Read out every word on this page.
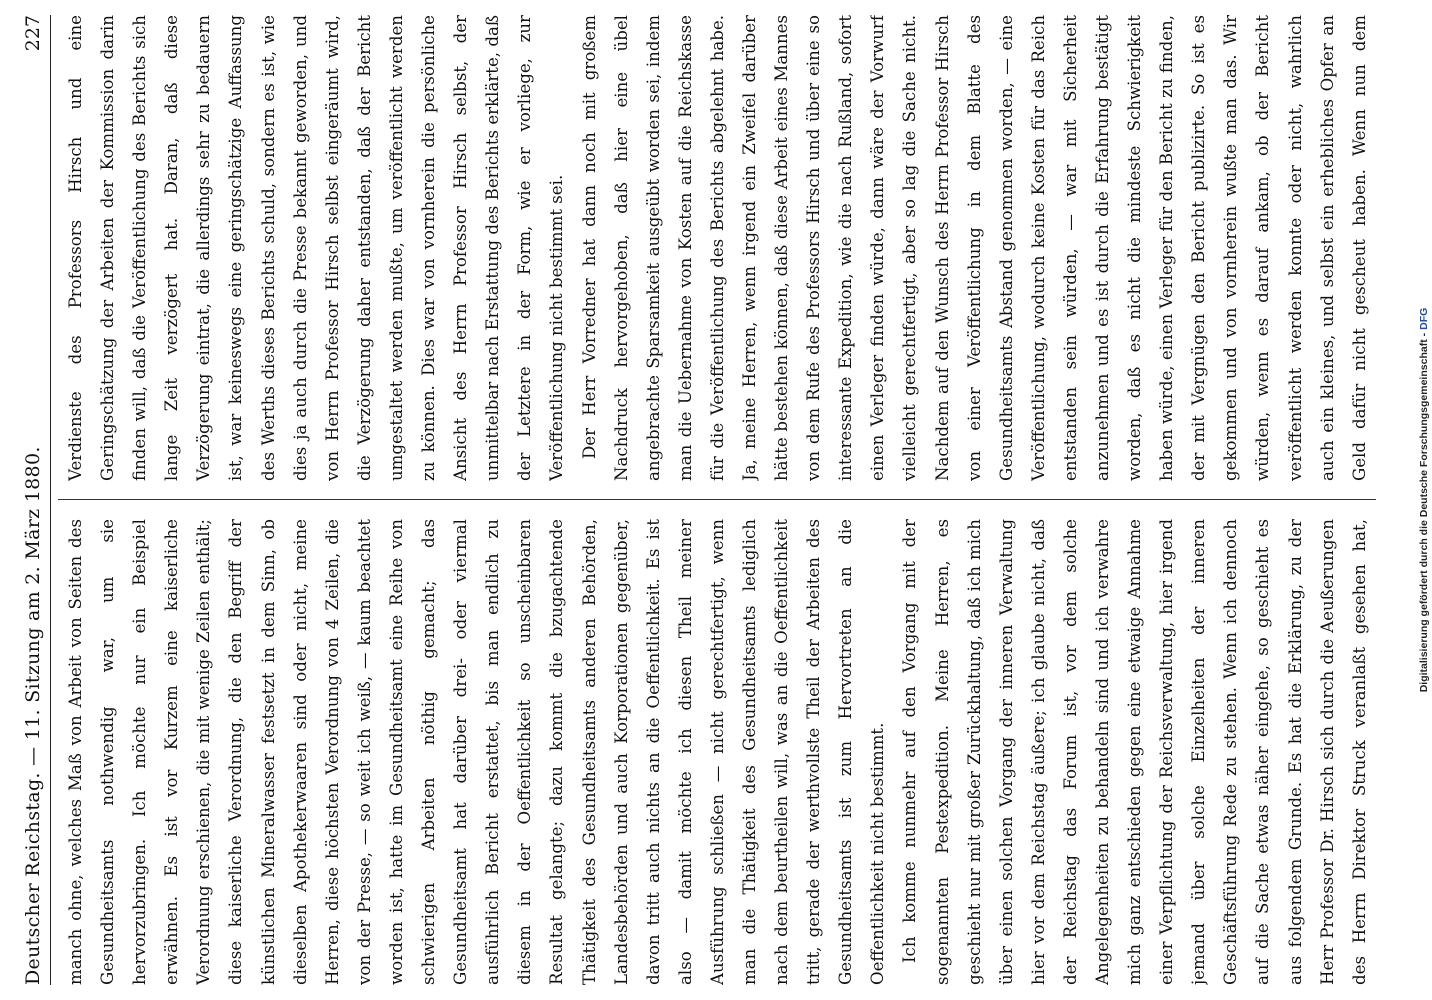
Deutscher Reichstag. — 11. Sitzung am 2. März 1880.
227

manch ohne, welches Maß von Arbeit von Seiten des Gesundheitsamts nothwendig war, um sie hervorzubringen. Ich möchte nur ein Beispiel erwähnen. Es ist vor Kurzem eine kaiserliche Verordnung erschienen, die mit wenige Zeilen enthält; diese kaiserliche Verordnung, die den Begriff der künstlichen Mineralwasser festsetzt in dem Sinn, ob dieselben Apothekerwaaren sind oder nicht, meine Herren, diese höchsten Verordnung von 4 Zeilen, die von der Presse, — so weit ich weiß, — kaum beachtet worden ist, hatte im Gesundheitsamt eine Reihe von schwierigen Arbeiten nöthig gemacht; das Gesundheitsamt hat darüber drei- oder viermal ausführlich Bericht erstattet, bis man endlich zu diesem in der Oeffentlichkeit so unscheinbaren Resultat gelangte; dazu kommt die bzugachtende Thätigkeit des Gesundheitsamts anderen Behörden, Landesbehörden und auch Korporationen gegenüber, davon tritt auch nichts an die Oeffentlichkeit. Es ist also — damit möchte ich diesen Theil meiner Ausführung schließen — nicht gerechtfertigt, wenn man die Thätigkeit des Gesundheitsamts lediglich nach dem beurtheilen will, was an die Oeffentlichkeit tritt, gerade der werthvollste Theil der Arbeiten des Gesundheitsamts ist zum Hervortreten an die Oeffentlichkeit nicht bestimmt. Ich komme nunmehr auf den Vorgang mit der sogenannten Pestexpedition. Meine Herren, es geschieht nur mit großer Zurückhaltung, daß ich mich über einen solchen Vorgang der inneren Verwaltung hier vor dem Reichstag äußere; ich glaube nicht, daß der Reichstag das Forum ist, vor dem solche Angelegenheiten zu behandeln sind und ich verwahre mich ganz entschieden gegen eine etwaige Annahme einer Verpflichtung der Reichsverwaltung, hier irgend jemand über solche Einzelheiten der inneren Geschäftsführung Rede zu stehen. Wenn ich dennoch auf die Sache etwas näher eingehe, so geschieht es aus folgendem Grunde. Es hat die Erklärung, zu der Herr Professor Dr. Hirsch sich durch die Aeußerungen des Herrn Direktor Struck veranlaßt gesehen hat,

Verdienste des Professors Hirsch und eine Geringschätzung der Arbeiten der Kommission darin finden will, daß die Veröffentlichung des Berichts sich lange Zeit verzögert hat. Daran, daß diese Verzögerung eintrat, die allerdings sehr zu bedauern ist, war keineswegs eine geringschätzige Auffassung des Werths dieses Berichts schuld, sondern es ist, wie dies ja auch durch die Presse bekannt geworden, und von Herrn Professor Hirsch selbst eingeräumt wird, die Verzögerung daher entstanden, daß der Bericht umgestaltet werden mußte, um veröffentlicht werden zu können. Dies war von vornherein die persönliche Ansicht des Herrn Professor Hirsch selbst, der unmittelbar nach Erstattung des Berichts erklärte, daß der Letztere in der Form, wie er vorliege, zur Veröffentlichung nicht bestimmt sei. Der Herr Vorredner hat dann noch mit großem Nachdruck hervorgehoben, daß hier eine übel angebrachte Sparsamkeit ausgeübt worden sei, indem man die Uebernahme von Kosten auf die Reichskasse für die Veröffentlichung des Berichts abgelehnt habe. Ja, meine Herren, wenn irgend ein Zweifel darüber hätte bestehen können, daß diese Arbeit eines Mannes von dem Rufe des Professors Hirsch und über eine so interessante Expedition, wie die nach Rußland, sofort einen Verleger finden würde, dann wäre der Vorwurf vielleicht gerechtfertigt, aber so lag die Sache nicht. Nachdem auf den Wunsch des Herrn Professor Hirsch von einer Veröffentlichung in dem Blatte des Gesundheitsamts Abstand genommen worden, — eine Veröffentlichung, wodurch keine Kosten für das Reich entstanden sein würden, — war mit Sicherheit anzunehmen und es ist durch die Erfahrung bestätigt worden, daß es nicht die mindeste Schwierigkeit haben würde, einen Verleger für den Bericht zu finden, der mit Vergnügen den Bericht publizirte. So ist es gekommen und von vornherein wußte man das. Wir würden, wenn es darauf ankam, ob der Bericht veröffentlicht werden konnte oder nicht, wahrlich auch ein kleines, und selbst ein erhebliches Opfer an Geld dafür nicht gescheut haben. Wenn nun dem

Digitalisierung gefördert durch die Deutsche Forschungsgemeinschaft -DFG
